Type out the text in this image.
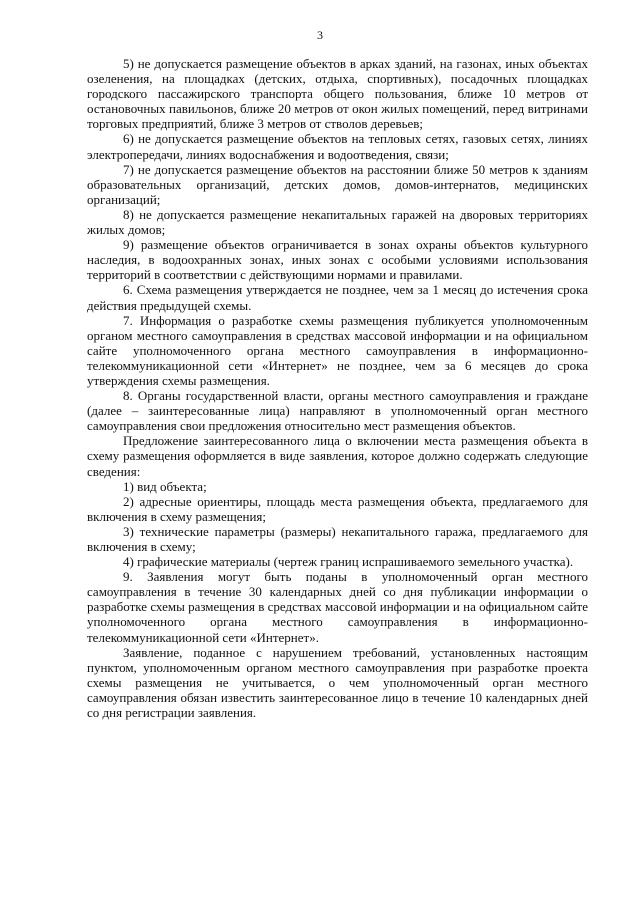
3

5) не допускается размещение объектов в арках зданий, на газонах, иных объектах озеленения, на площадках (детских, отдыха, спортивных), посадочных площадках городского пассажирского транспорта общего пользования, ближе 10 метров от остановочных павильонов, ближе 20 метров от окон жилых помещений, перед витринами торговых предприятий, ближе 3 метров от стволов деревьев;

6) не допускается размещение объектов на тепловых сетях, газовых сетях, линиях электропередачи, линиях водоснабжения и водоотведения, связи;

7) не допускается размещение объектов на расстоянии ближе 50 метров к зданиям образовательных организаций, детских домов, домов-интернатов, медицинских организаций;

8) не допускается размещение некапитальных гаражей на дворовых территориях жилых домов;

9) размещение объектов ограничивается в зонах охраны объектов культурного наследия, в водоохранных зонах, иных зонах с особыми условиями использования территорий в соответствии с действующими нормами и правилами.

6. Схема размещения утверждается не позднее, чем за 1 месяц до истечения срока действия предыдущей схемы.

7. Информация о разработке схемы размещения публикуется уполномоченным органом местного самоуправления в средствах массовой информации и на официальном сайте уполномоченного органа местного самоуправления в информационно-телекоммуникационной сети «Интернет» не позднее, чем за 6 месяцев до срока утверждения схемы размещения.

8. Органы государственной власти, органы местного самоуправления и граждане (далее – заинтересованные лица) направляют в уполномоченный орган местного самоуправления свои предложения относительно мест размещения объектов.

Предложение заинтересованного лица о включении места размещения объекта в схему размещения оформляется в виде заявления, которое должно содержать следующие сведения:

1) вид объекта;

2) адресные ориентиры, площадь места размещения объекта, предлагаемого для включения в схему размещения;

3) технические параметры (размеры) некапитального гаража, предлагаемого для включения в схему;

4) графические материалы (чертеж границ испрашиваемого земельного участка).

9. Заявления могут быть поданы в уполномоченный орган местного самоуправления в течение 30 календарных дней со дня публикации информации о разработке схемы размещения в средствах массовой информации и на официальном сайте уполномоченного органа местного самоуправления в информационно-телекоммуникационной сети «Интернет».

Заявление, поданное с нарушением требований, установленных настоящим пунктом, уполномоченным органом местного самоуправления при разработке проекта схемы размещения не учитывается, о чем уполномоченный орган местного самоуправления обязан известить заинтересованное лицо в течение 10 календарных дней со дня регистрации заявления.
